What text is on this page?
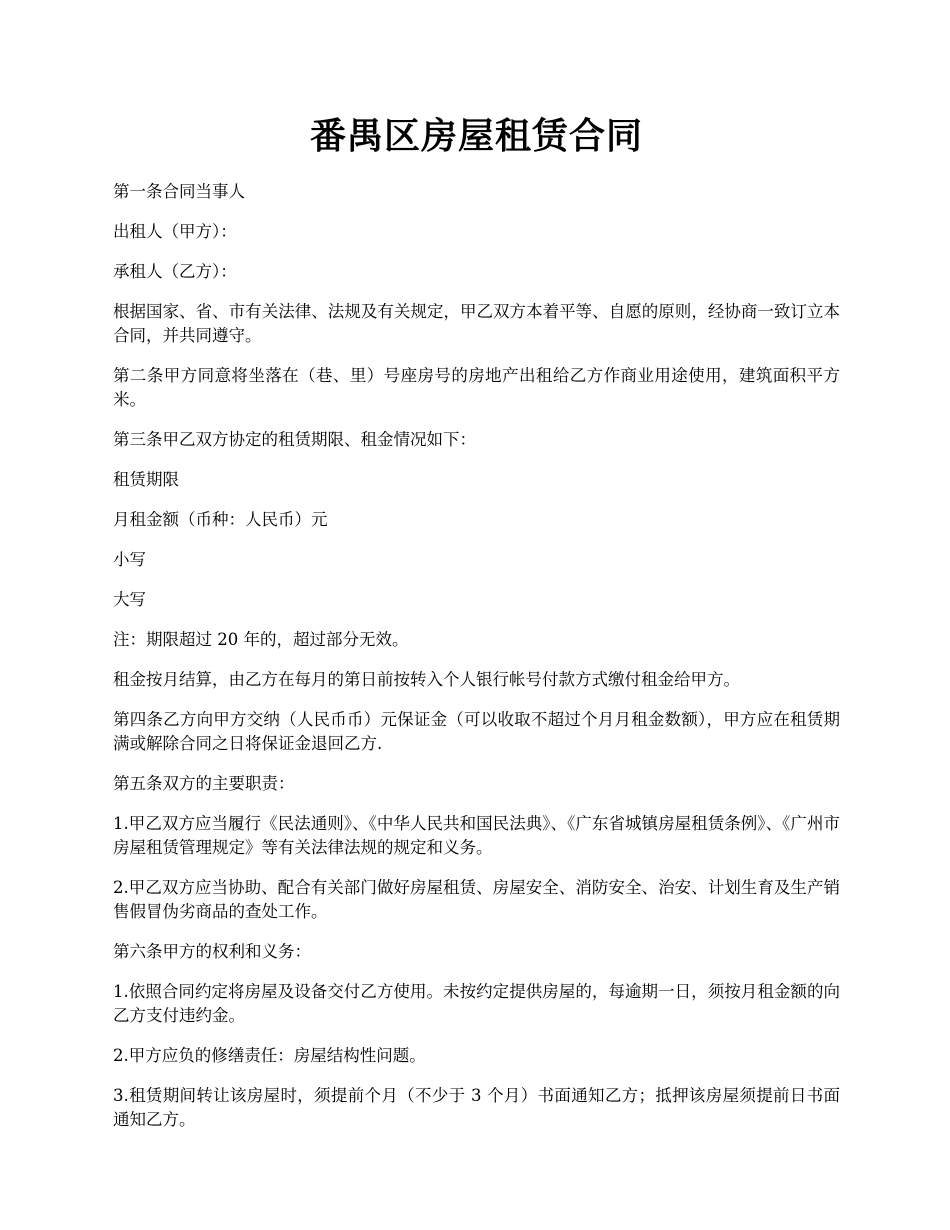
番禺区房屋租赁合同

第一条合同当事人

出租人（甲方）：

承租人（乙方）：

根据国家、省、市有关法律、法规及有关规定，甲乙双方本着平等、自愿的原则，经协商一致订立本合同，并共同遵守。

第二条甲方同意将坐落在（巷、里）号座房号的房地产出租给乙方作商业用途使用，建筑面积平方米。

第三条甲乙双方协定的租赁期限、租金情况如下：

租赁期限

月租金额（币种：人民币）元

小写

大写

注：期限超过 20 年的，超过部分无效。

租金按月结算，由乙方在每月的第日前按转入个人银行帐号付款方式缴付租金给甲方。

第四条乙方向甲方交纳（人民币币）元保证金（可以收取不超过个月月租金数额），甲方应在租赁期满或解除合同之日将保证金退回乙方.

第五条双方的主要职责：

1.甲乙双方应当履行《民法通则》、《中华人民共和国民法典》、《广东省城镇房屋租赁条例》、《广州市房屋租赁管理规定》等有关法律法规的规定和义务。

2.甲乙双方应当协助、配合有关部门做好房屋租赁、房屋安全、消防安全、治安、计划生育及生产销售假冒伪劣商品的查处工作。

第六条甲方的权利和义务：

1.依照合同约定将房屋及设备交付乙方使用。未按约定提供房屋的，每逾期一日，须按月租金额的向乙方支付违约金。

2.甲方应负的修缮责任：房屋结构性问题。

3.租赁期间转让该房屋时，须提前个月（不少于 3 个月）书面通知乙方；抵押该房屋须提前日书面通知乙方。
